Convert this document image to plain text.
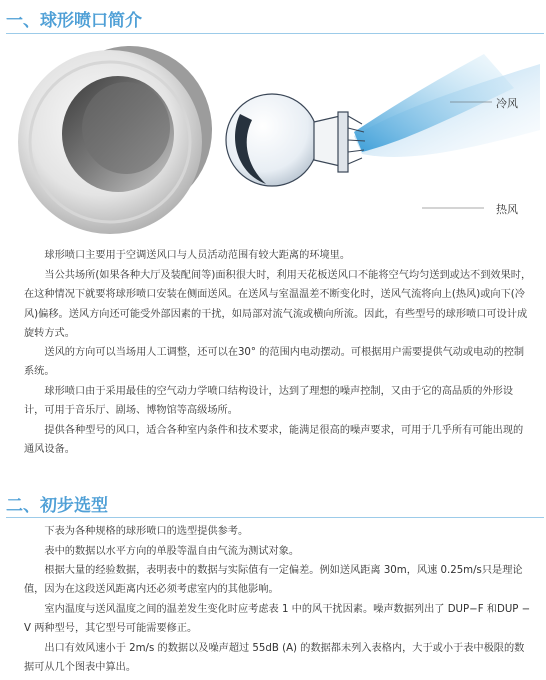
一、球形喷口简介
冷风
热风

球形喷口主要用于空调送风口与人员活动范围有较大距离的环境里。

当公共场所(如果各种大厅及装配间等)面积很大时，利用天花板送风口不能将空气均匀送到或达不到效果时，在这种情况下就要将球形喷口安装在侧面送风。在送风与室温温差不断变化时，送风气流将向上(热风)或向下(冷风)偏移。送风方向还可能受外部因素的干扰，如局部对流气流或横向所流。因此，有些型号的球形喷口可设计成旋转方式。

送风的方向可以当场用人工调整，还可以在30° 的范围内电动摆动。可根据用户需要提供气动或电动的控制系统。

球形喷口由于采用最佳的空气动力学喷口结构设计，达到了理想的噪声控制，又由于它的高品质的外形设计，可用于音乐厅、剧场、博物馆等高级场所。

提供各种型号的风口，适合各种室内条件和技术要求，能满足很高的噪声要求，可用于几乎所有可能出现的通风设备。

二、初步选型

下表为各种规格的球形喷口的选型提供参考。

表中的数据以水平方向的单股等温自由气流为测试对象。

根据大量的经验数据，表明表中的数据与实际值有一定偏差。例如送风距离 30m，风速 0.25m/s只是理论值，因为在这段送风距离内还必须考虑室内的其他影响。

室内温度与送风温度之间的温差发生变化时应考虑表 1 中的风干扰因素。噪声数据列出了 DUP−F 和DUP − V 两种型号，其它型号可能需要修正。

出口有效风速小于 2m/s 的数据以及噪声超过 55dB (A) 的数据都未列入表格内，大于或小于表中极限的数据可从几个图表中算出。
